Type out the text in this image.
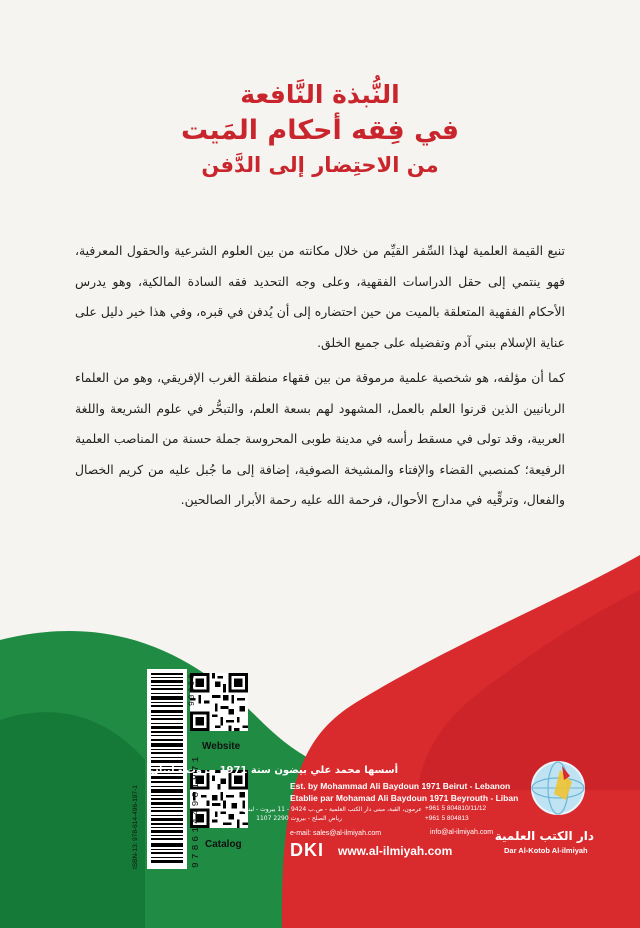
النُّبذة النَّافعة
في فِقه أحكام المَيت
من الاحتِضار إلى الدَّفن

تنبع القيمة العلمية لهذا السِّفر القيِّم من خلال مكانته من بين العلوم الشرعية والحقول المعرفية، فهو ينتمي إلى حقل الدراسات الفقهية، وعلى وجه التحديد فقه السادة المالكية، وهو يدرس الأحكام الفقهية المتعلقة بالميت من حين احتضاره إلى أن يُدفن في قبره، وفي هذا خير دليل على عناية الإسلام ببني آدم وتفضيله على جميع الخلق.

كما أن مؤلفه، هو شخصية علمية مرموقة من بين فقهاء منطقة الغرب الإفريقي، وهو من العلماء الربانيين الذين قرنوا العلم بالعمل، المشهود لهم بسعة العلم، والتبحُّر في علوم الشريعة واللغة العربية، وقد تولى في مسقط رأسه في مدينة طوبى المحروسة جملة حسنة من المناصب العلمية الرفيعة؛ كمنصبي القضاء والإفتاء والمشيخة الصوفية، إضافة إلى ما جُبل عليه من كريم الخصال والفعال، وترقِّيه في مدارج الأحوال، فرحمة الله عليه رحمة الأبرار الصالحين.

Website
Catalog
ISBN-13: 978-614-496-197-1	9786144961971
90000
أسسها محمد علي بيضون سنة 1971 بيروت - لبنان
Est. by Mohammad Ali Baydoun 1971 Beirut - Lebanon
Etablie par Mohamad Ali Baydoun 1971 Beyrouth - Liban
عرمون، القبة، مبنى دار الكتب العلمية - ص.ب 9424 - 11 بيروت - لبنان
رياض الصلح - بيروت 2290 1107
+961 5 804810/11/12
+961 5 804813
e-mail: sales@al-ilmiyah.com	info@al-ilmiyah.com
DKI www.al-ilmiyah.com
دار الكتب العلمية
Dar Al-Kotob Al-ilmiyah
